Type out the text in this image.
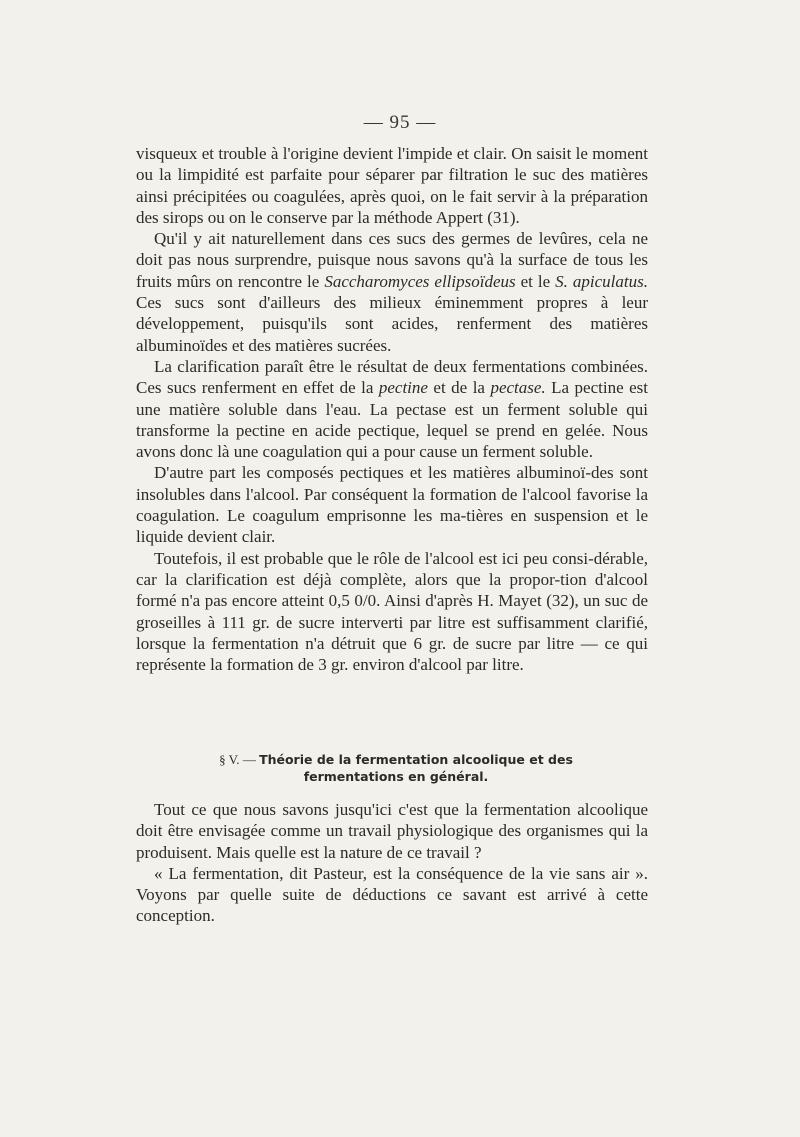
— 95 —

visqueux et trouble à l'origine devient l'impide et clair. On saisit le moment ou la limpidité est parfaite pour séparer par filtration le suc des matières ainsi précipitées ou coagulées, après quoi, on le fait servir à la préparation des sirops ou on le conserve par la méthode Appert (31).

Qu'il y ait naturellement dans ces sucs des germes de levûres, cela ne doit pas nous surprendre, puisque nous savons qu'à la surface de tous les fruits mûrs on rencontre le Saccharomyces ellipsoïdeus et le S. apiculatus. Ces sucs sont d'ailleurs des milieux éminemment propres à leur développement, puisqu'ils sont acides, renferment des matières albuminoïdes et des matières sucrées.

La clarification paraît être le résultat de deux fermentations combinées. Ces sucs renferment en effet de la pectine et de la pectase. La pectine est une matière soluble dans l'eau. La pectase est un ferment soluble qui transforme la pectine en acide pectique, lequel se prend en gelée. Nous avons donc là une coagulation qui a pour cause un ferment soluble.

D'autre part les composés pectiques et les matières albuminoï-des sont insolubles dans l'alcool. Par conséquent la formation de l'alcool favorise la coagulation. Le coagulum emprisonne les ma-tières en suspension et le liquide devient clair.

Toutefois, il est probable que le rôle de l'alcool est ici peu consi-dérable, car la clarification est déjà complète, alors que la propor-tion d'alcool formé n'a pas encore atteint 0,5 0/0. Ainsi d'après H. Mayet (32), un suc de groseilles à 111 gr. de sucre interverti par litre est suffisamment clarifié, lorsque la fermentation n'a détruit que 6 gr. de sucre par litre — ce qui représente la formation de 3 gr. environ d'alcool par litre.

§ V. — Théorie de la fermentation alcoolique et des
fermentations en général.

Tout ce que nous savons jusqu'ici c'est que la fermentation alcoolique doit être envisagée comme un travail physiologique des organismes qui la produisent. Mais quelle est la nature de ce travail ?

« La fermentation, dit Pasteur, est la conséquence de la vie sans air ». Voyons par quelle suite de déductions ce savant est arrivé à cette conception.
